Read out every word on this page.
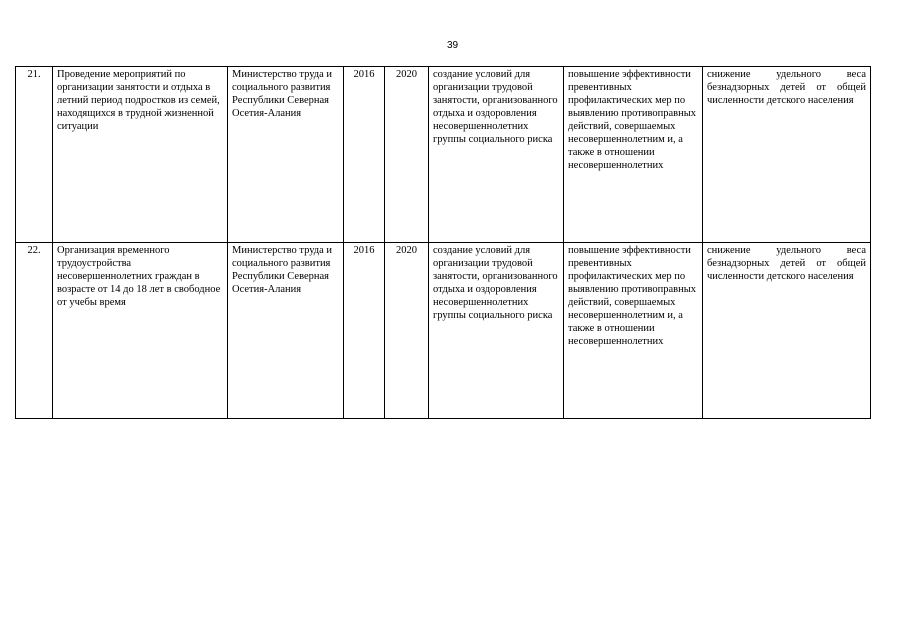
39
21.	Проведение мероприятий по организации занятости и отдыха в летний период подростков из семей, находящихся в трудной жизненной ситуации	Министерство труда и социального развития Республики Северная Осетия-Алания	2016	2020	создание условий для организации трудовой занятости, организованного отдыха и оздоровления несовершеннолетних группы социального риска	повышение эффективности превентивных профилактических мер по выявлению противоправных действий, совершаемых несовершеннолетним и, а также в отношении несовершеннолетних	снижение удельного веса безнадзорных детей от общей численности детского населения
22.	Организация временного трудоустройства несовершеннолетних граждан в возрасте от 14 до 18 лет в свободное от учебы время	Министерство труда и социального развития Республики Северная Осетия-Алания	2016	2020	создание условий для организации трудовой занятости, организованного отдыха и оздоровления несовершеннолетних группы социального риска	повышение эффективности превентивных профилактических мер по выявлению противоправных действий, совершаемых несовершеннолетним и, а также в отношении несовершеннолетних	снижение удельного веса безнадзорных детей от общей численности детского населения
